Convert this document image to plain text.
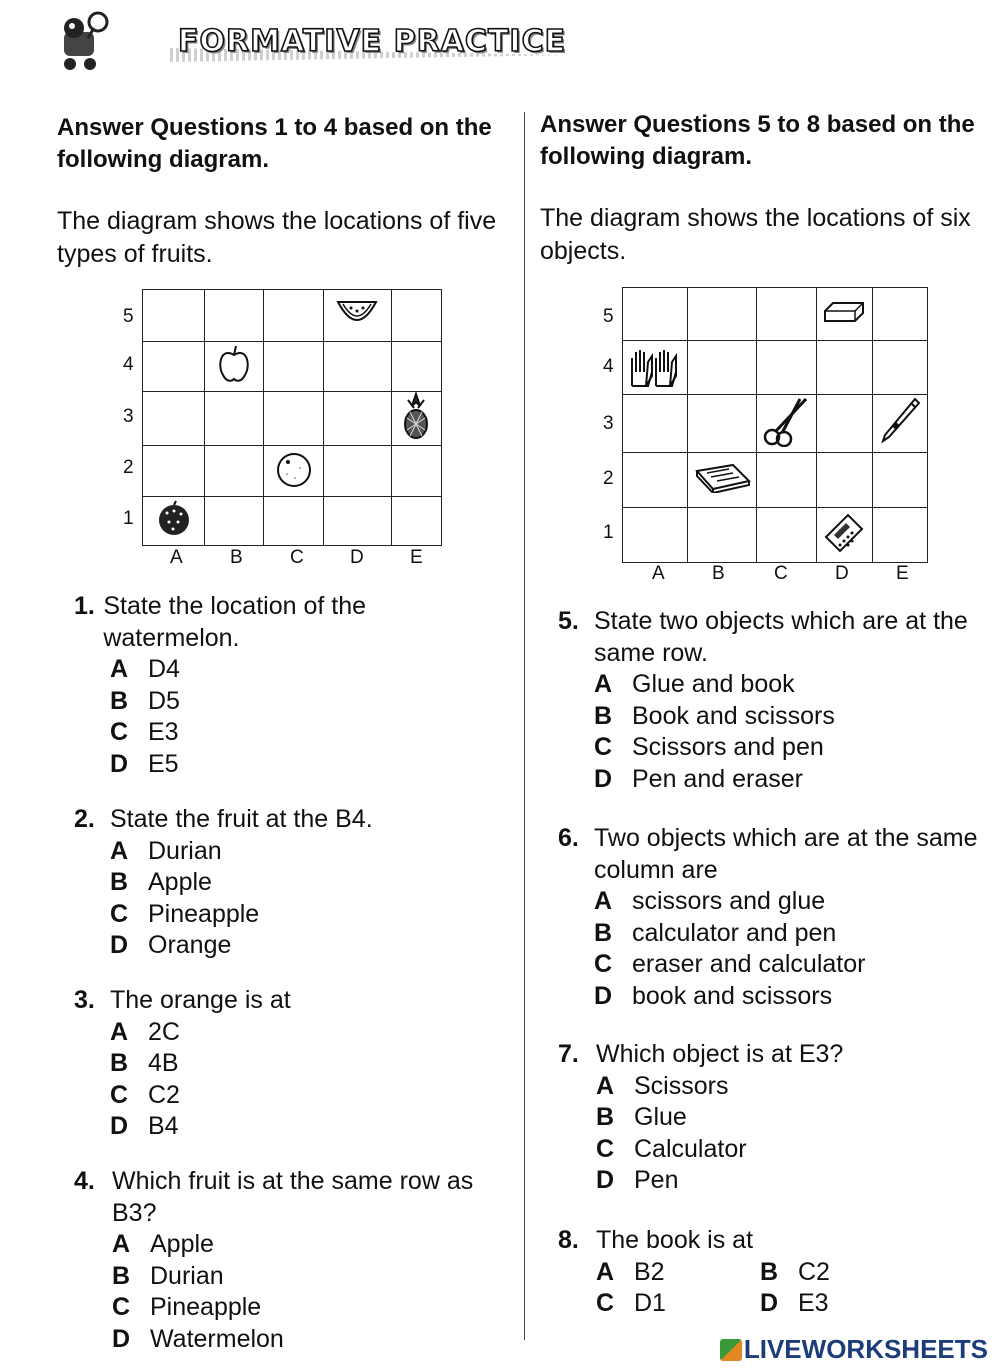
FORMATIVE PRACTICE
Answer Questions 1 to 4 based on the following diagram.
The diagram shows the locations of five types of fruits.
5
4
3
2
1

A B C D E
1. State the location of the watermelon.
A D4
B D5
C E3
D E5
2. State the fruit at the B4.
A Durian
B Apple
C Pineapple
D Orange
3. The orange is at
A 2C
B 4B
C C2
D B4
4. Which fruit is at the same row as B3?
A Apple
B Durian
C Pineapple
D Watermelon
Answer Questions 5 to 8 based on the following diagram.
The diagram shows the locations of six objects.
5
4
3
2
1

A B	C D E
5. State two objects which are at the same row.
A Glue and book
B Book and scissors
C Scissors and pen
D Pen and eraser
6. Two objects which are at the same column are
A scissors and glue
B calculator and pen
C eraser and calculator
D book and scissors
7. Which object is at E3?
A Scissors
B Glue
C Calculator
D Pen
8. The book is at
A B2	B C2
C D1	D E3
LIVEWORKSHEETS
